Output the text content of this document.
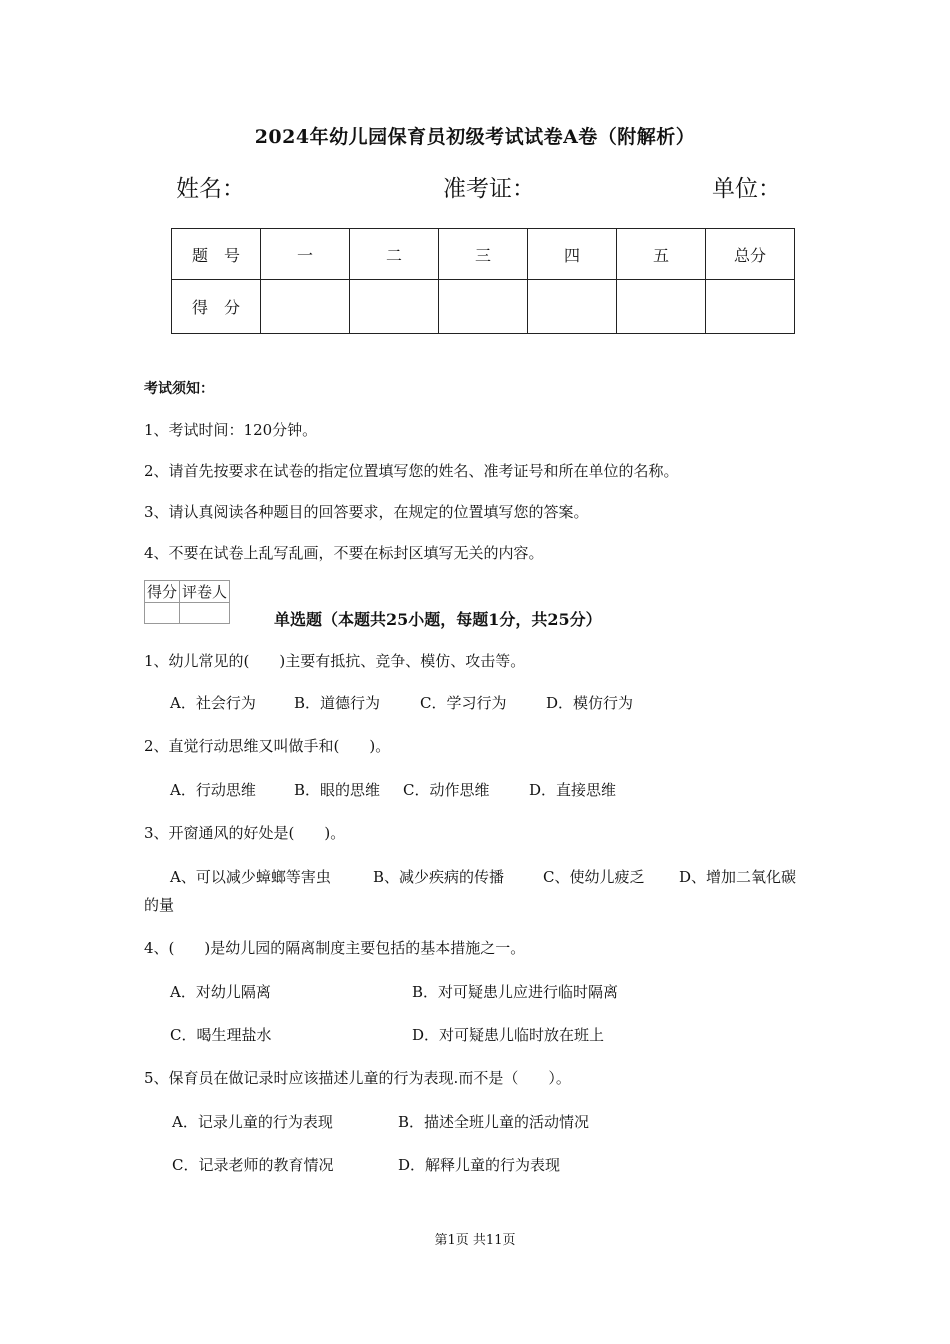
2024年幼儿园保育员初级考试试卷A卷（附解析）
姓名：	准考证：	单位：
题　号	一	二	三	四	五	总分
得　分						
考试须知：
1、考试时间：120分钟。
2、请首先按要求在试卷的指定位置填写您的姓名、准考证号和所在单位的名称。
3、请认真阅读各种题目的回答要求，在规定的位置填写您的答案。
4、不要在试卷上乱写乱画，不要在标封区填写无关的内容。
得分	评卷人

单选题（本题共25小题，每题1分，共25分）
1、幼儿常见的(　　)主要有抵抗、竞争、模仿、攻击等。
A．社会行为	B．道德行为	C．学习行为	D．模仿行为
2、直觉行动思维又叫做手和(　　)。
A．行动思维	B．眼的思维 C．动作思维	D．直接思维
3、开窗通风的好处是(　　)。
A、可以减少蟑螂等害虫	B、减少疾病的传播	C、使幼儿疲乏 D、增加二氧化碳
的量
4、(　　)是幼儿园的隔离制度主要包括的基本措施之一。
A．对幼儿隔离	B．对可疑患儿应进行临时隔离
C．喝生理盐水	D．对可疑患儿临时放在班上
5、保育员在做记录时应该描述儿童的行为表现.而不是（　　）。
A．记录儿童的行为表现	B．描述全班儿童的活动情况
C．记录老师的教育情况	D．解释儿童的行为表现
第1页 共11页
